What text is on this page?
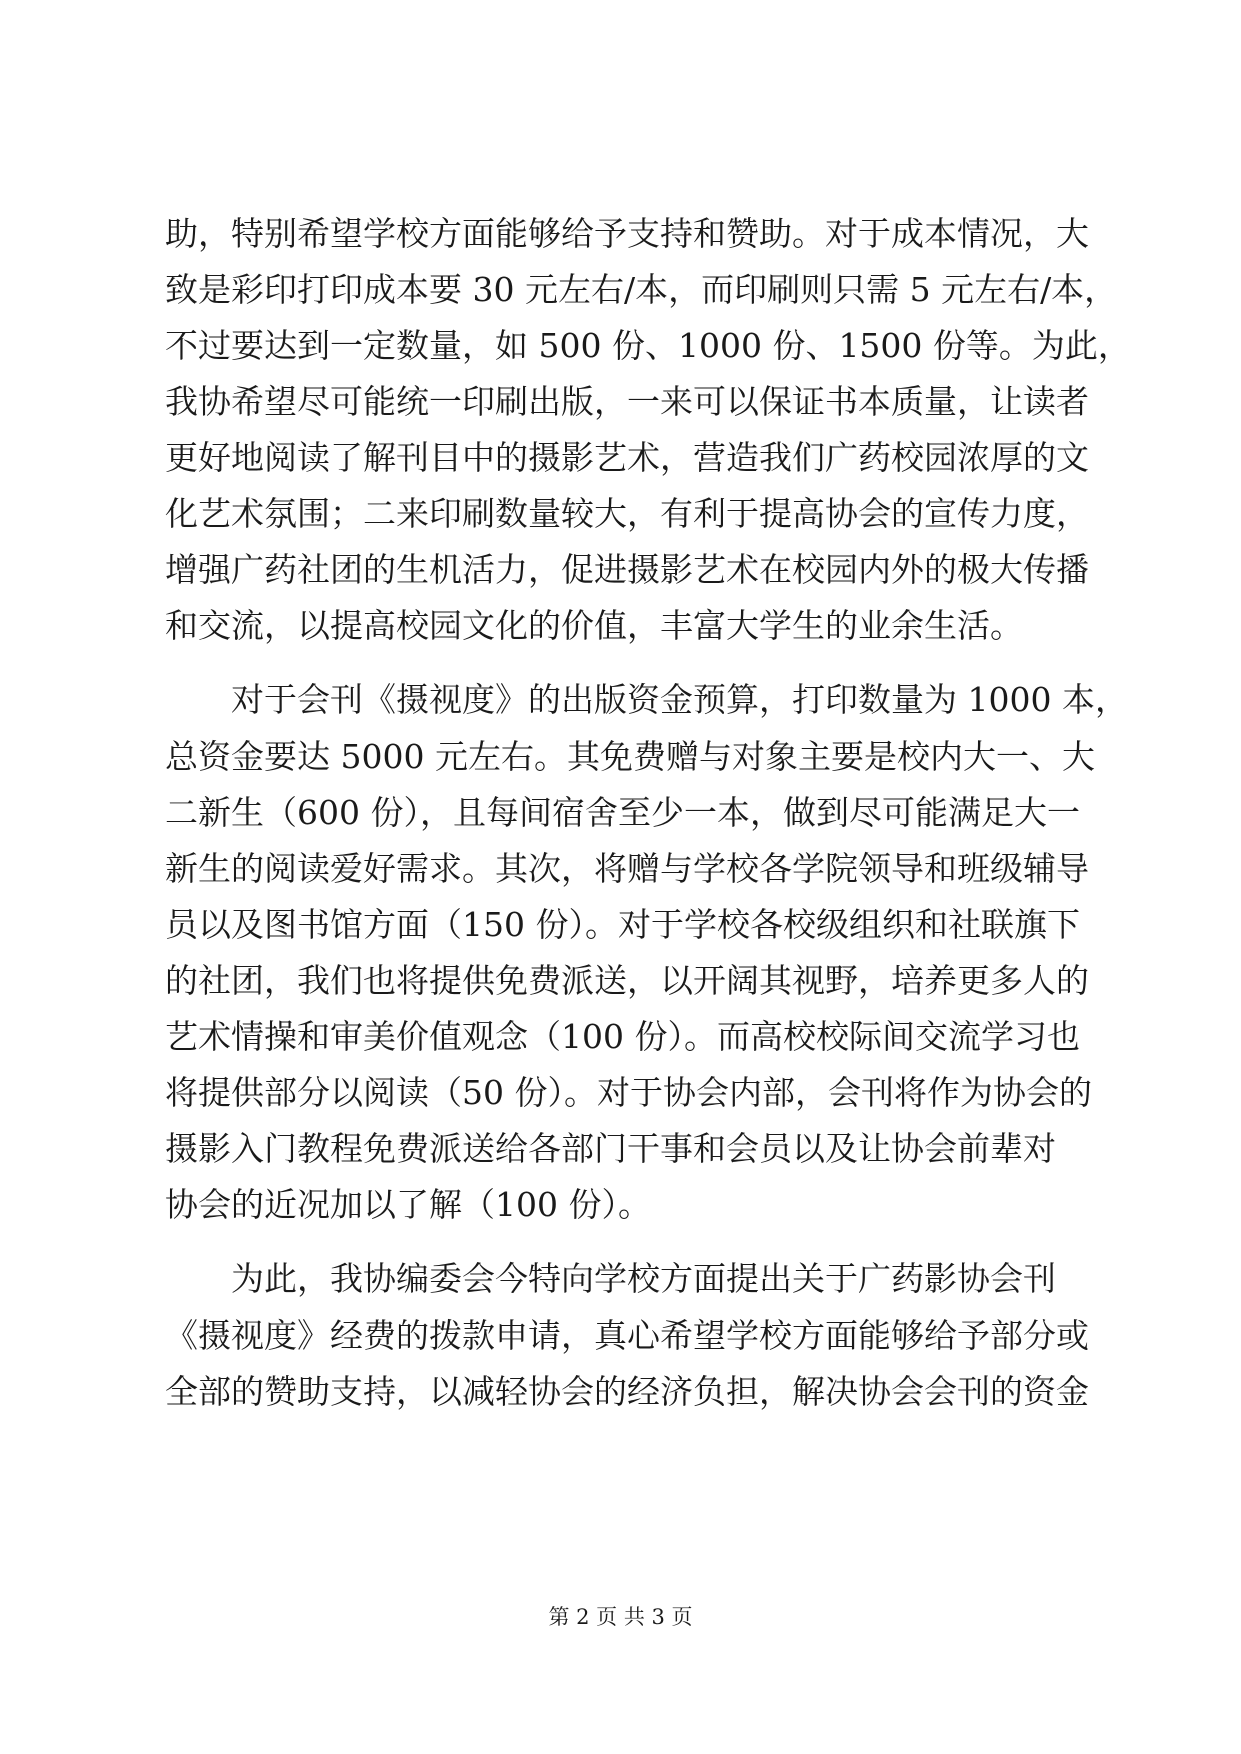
助，特别希望学校方面能够给予支持和赞助。对于成本情况，大
致是彩印打印成本要 30 元左右/本，而印刷则只需 5 元左右/本，
不过要达到一定数量，如 500 份、1000 份、1500 份等。为此，
我协希望尽可能统一印刷出版，一来可以保证书本质量，让读者
更好地阅读了解刊目中的摄影艺术，营造我们广药校园浓厚的文
化艺术氛围；二来印刷数量较大，有利于提高协会的宣传力度，
增强广药社团的生机活力，促进摄影艺术在校园内外的极大传播
和交流，以提高校园文化的价值，丰富大学生的业余生活。
对于会刊《摄视度》的出版资金预算，打印数量为 1000 本，
总资金要达 5000 元左右。其免费赠与对象主要是校内大一、大
二新生（600 份），且每间宿舍至少一本，做到尽可能满足大一
新生的阅读爱好需求。其次，将赠与学校各学院领导和班级辅导
员以及图书馆方面（150 份）。对于学校各校级组织和社联旗下
的社团，我们也将提供免费派送，以开阔其视野，培养更多人的
艺术情操和审美价值观念（100 份）。而高校校际间交流学习也
将提供部分以阅读（50 份）。对于协会内部，会刊将作为协会的
摄影入门教程免费派送给各部门干事和会员以及让协会前辈对
协会的近况加以了解（100 份）。
为此，我协编委会今特向学校方面提出关于广药影协会刊
《摄视度》经费的拨款申请，真心希望学校方面能够给予部分或
全部的赞助支持，以减轻协会的经济负担，解决协会会刊的资金
第 2 页 共 3 页
